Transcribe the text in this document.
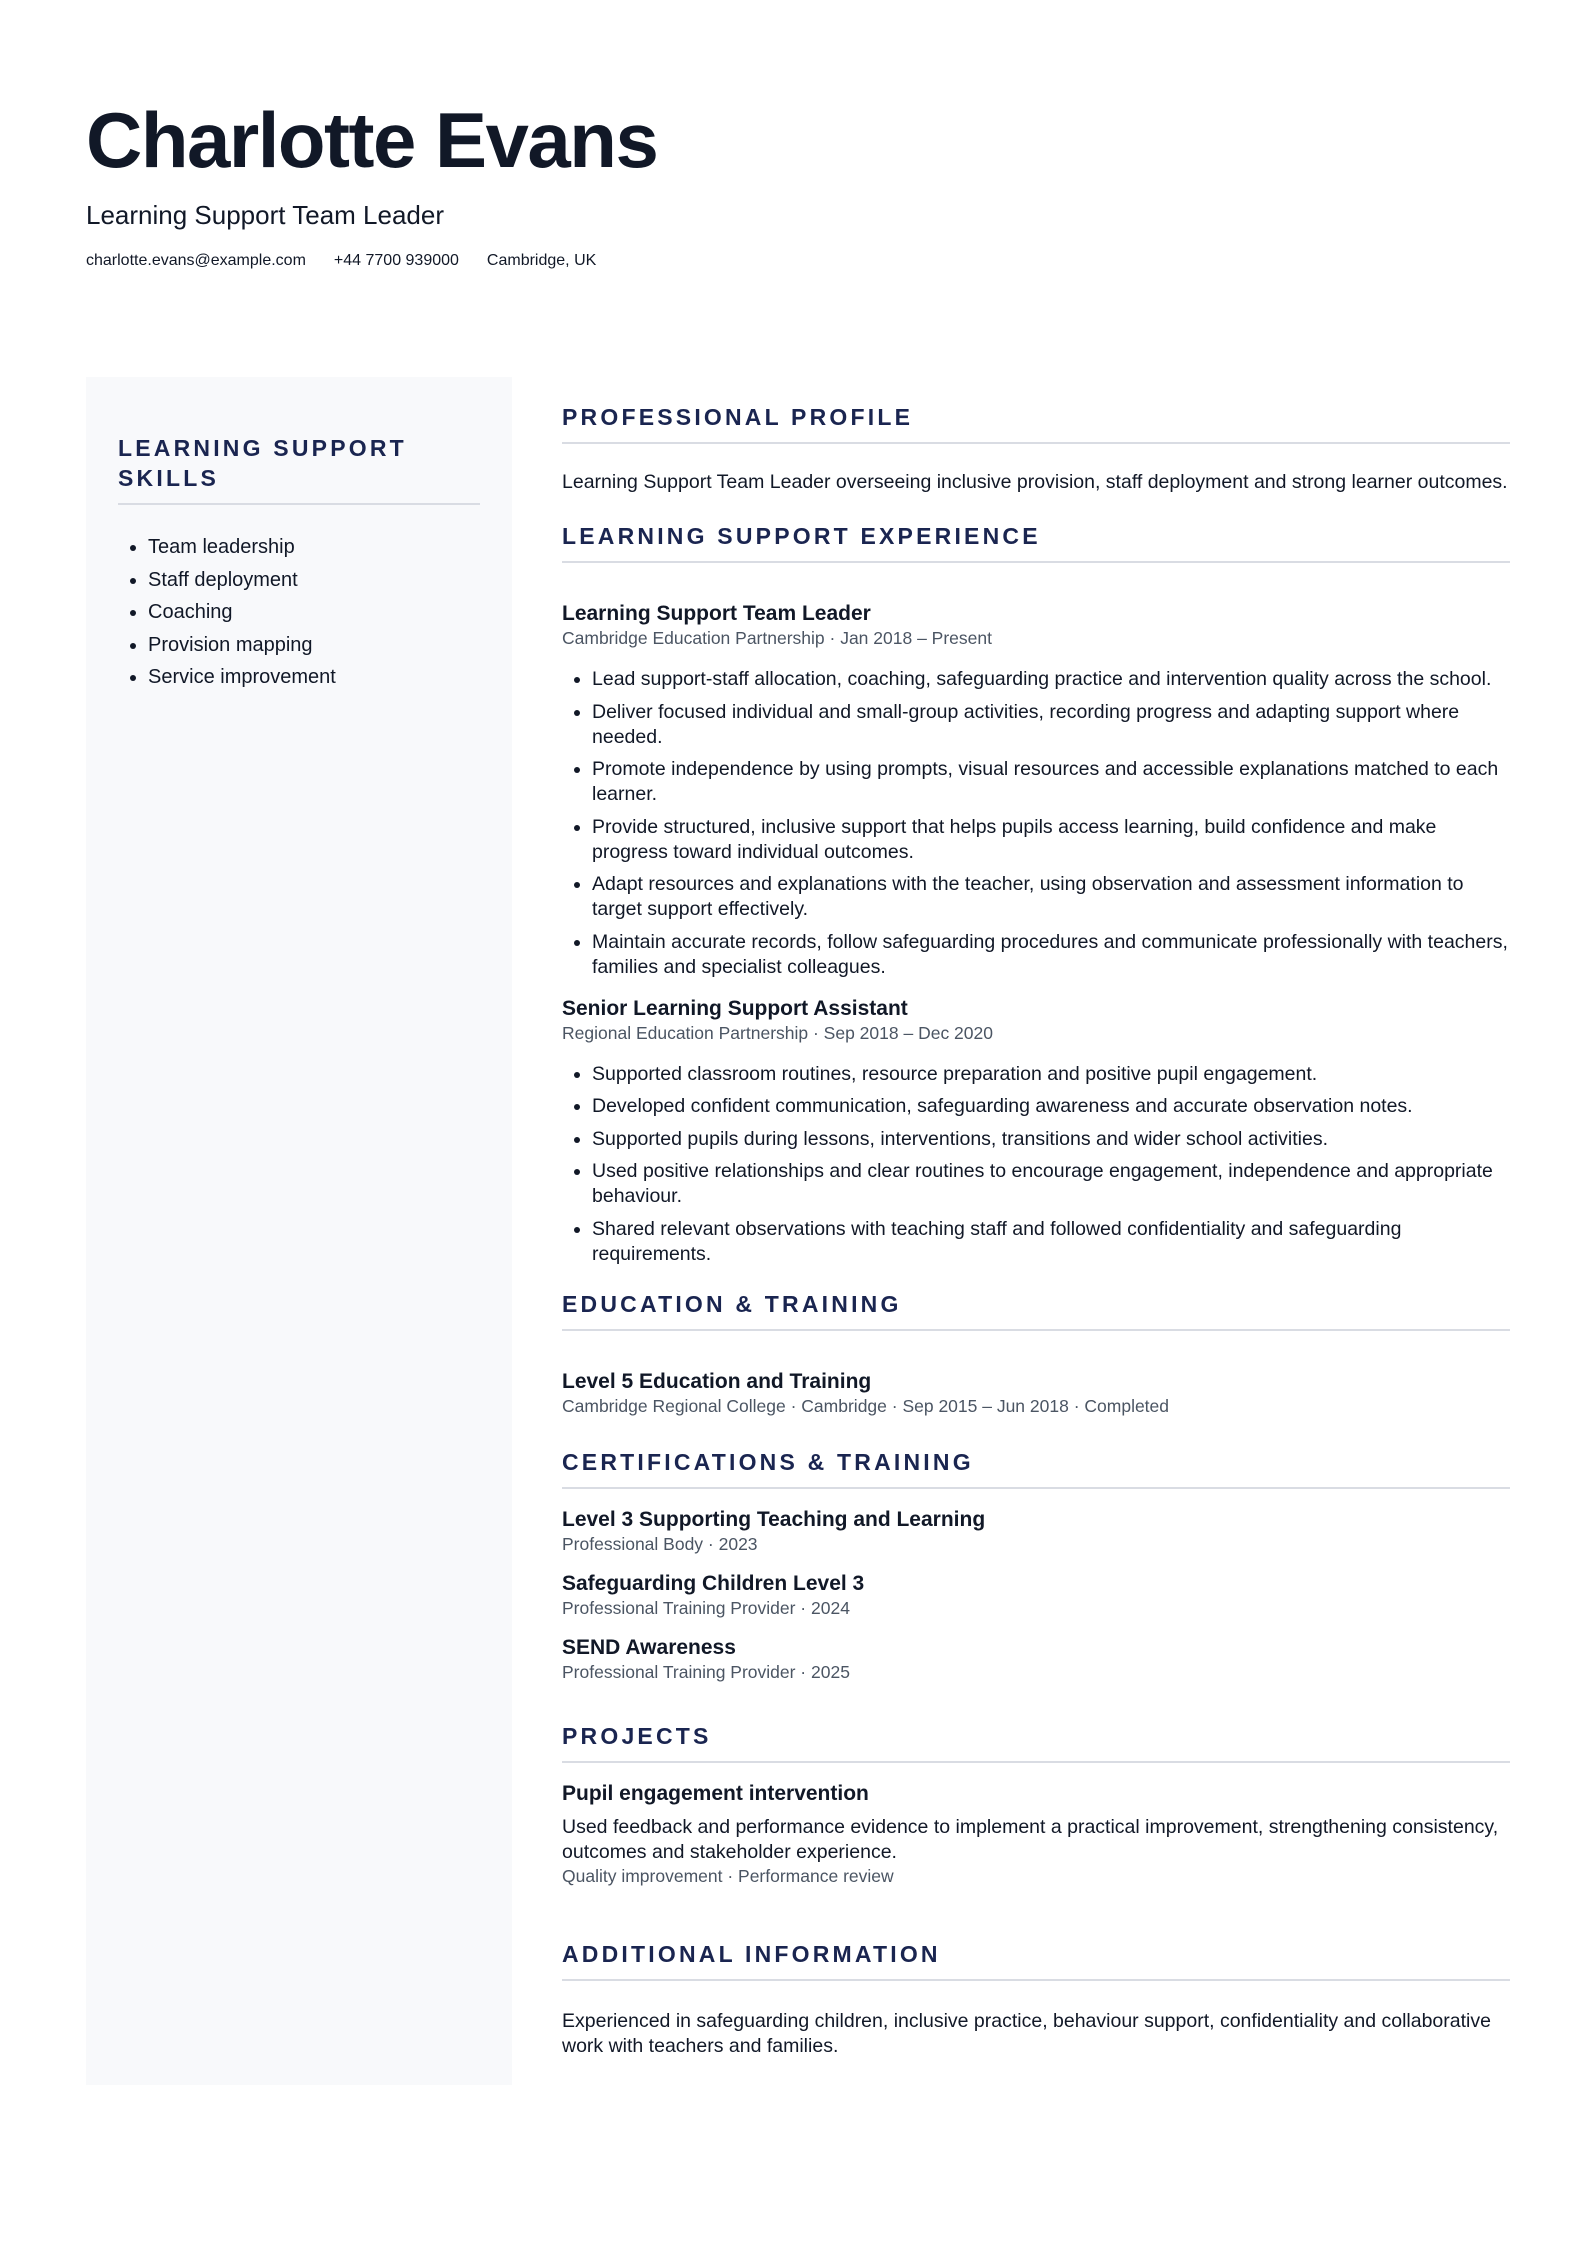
Charlotte Evans
Learning Support Team Leader
charlotte.evans@example.com +44 7700 939000 Cambridge, UK
LEARNING SUPPORT SKILLS
• Team leadership
• Staff deployment
• Coaching
• Provision mapping
• Service improvement
PROFESSIONAL PROFILE

Learning Support Team Leader overseeing inclusive provision, staff deployment and strong learner outcomes.

LEARNING SUPPORT EXPERIENCE

Learning Support Team Leader

Cambridge Education Partnership · Jan 2018 – Present

• Lead support-staff allocation, coaching, safeguarding practice and intervention quality across the school.
• Deliver focused individual and small-group activities, recording progress and adapting support where needed.
• Promote independence by using prompts, visual resources and accessible explanations matched to each learner.
• Provide structured, inclusive support that helps pupils access learning, build confidence and make progress toward individual outcomes.
• Adapt resources and explanations with the teacher, using observation and assessment information to target support effectively.
• Maintain accurate records, follow safeguarding procedures and communicate professionally with teachers, families and specialist colleagues.

Senior Learning Support Assistant

Regional Education Partnership · Sep 2018 – Dec 2020

• Supported classroom routines, resource preparation and positive pupil engagement.
• Developed confident communication, safeguarding awareness and accurate observation notes.
• Supported pupils during lessons, interventions, transitions and wider school activities.
• Used positive relationships and clear routines to encourage engagement, independence and appropriate behaviour.
• Shared relevant observations with teaching staff and followed confidentiality and safeguarding requirements.
EDUCATION & TRAINING

Level 5 Education and Training

Cambridge Regional College · Cambridge · Sep 2015 – Jun 2018 · Completed

CERTIFICATIONS & TRAINING

Level 3 Supporting Teaching and Learning

Professional Body · 2023

Safeguarding Children Level 3

Professional Training Provider · 2024

SEND Awareness

Professional Training Provider · 2025

PROJECTS

Pupil engagement intervention

Used feedback and performance evidence to implement a practical improvement, strengthening consistency, outcomes and stakeholder experience.

Quality improvement · Performance review

ADDITIONAL INFORMATION

Experienced in safeguarding children, inclusive practice, behaviour support, confidentiality and collaborative work with teachers and families.
